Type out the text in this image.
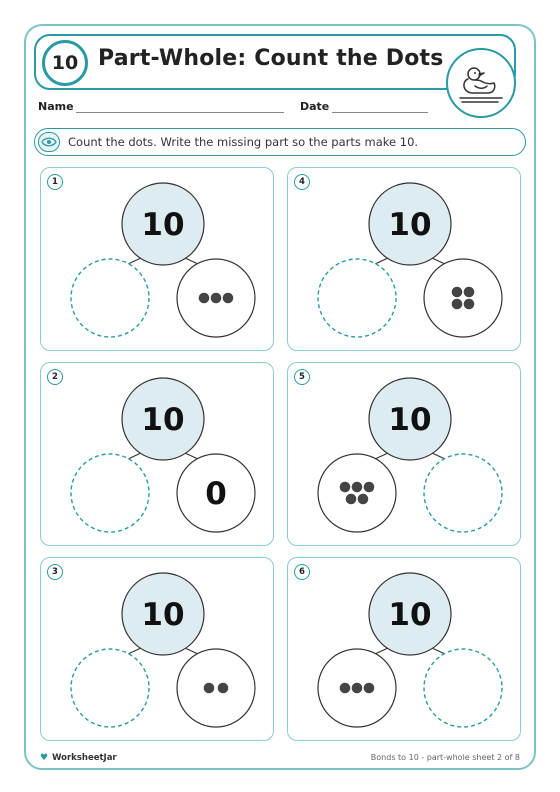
10 Part-Whole: Count the Dots
Name	Date
Count the dots. Write the missing part so the parts make 10.
1
10
2
10
0
3
10
4
10
5
10
6
10
♥ WorksheetJar	Bonds to 10 - part-whole sheet 2 of 8
